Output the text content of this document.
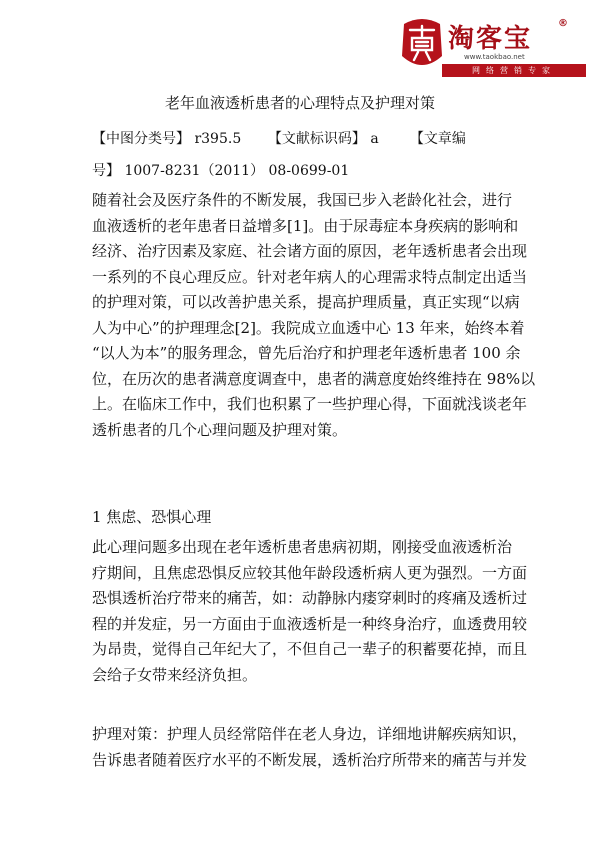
淘客宝
®
www.taokbao.net
网络营销专家
老年血液透析患者的心理特点及护理对策
【中图分类号】 r395.5      【文献标识码】 a       【文章编
号】 1007-8231（2011） 08-0699-01
随着社会及医疗条件的不断发展，我国已步入老龄化社会，进行
血液透析的老年患者日益增多[1]。由于尿毒症本身疾病的影响和
经济、治疗因素及家庭、社会诸方面的原因，老年透析患者会出现
一系列的不良心理反应。针对老年病人的心理需求特点制定出适当
的护理对策，可以改善护患关系，提高护理质量，真正实现“以病
人为中心”的护理理念[2]。我院成立血透中心 13 年来，始终本着
“以人为本”的服务理念，曾先后治疗和护理老年透析患者 100 余
位，在历次的患者满意度调查中，患者的满意度始终维持在 98%以
上。在临床工作中，我们也积累了一些护理心得，下面就浅谈老年
透析患者的几个心理问题及护理对策。
1 焦虑、恐惧心理
此心理问题多出现在老年透析患者患病初期，刚接受血液透析治
疗期间，且焦虑恐惧反应较其他年龄段透析病人更为强烈。一方面
恐惧透析治疗带来的痛苦，如：动静脉内瘘穿刺时的疼痛及透析过
程的并发症，另一方面由于血液透析是一种终身治疗，血透费用较
为昂贵，觉得自己年纪大了，不但自己一辈子的积蓄要花掉，而且
会给子女带来经济负担。
护理对策：护理人员经常陪伴在老人身边，详细地讲解疾病知识，
告诉患者随着医疗水平的不断发展，透析治疗所带来的痛苦与并发
